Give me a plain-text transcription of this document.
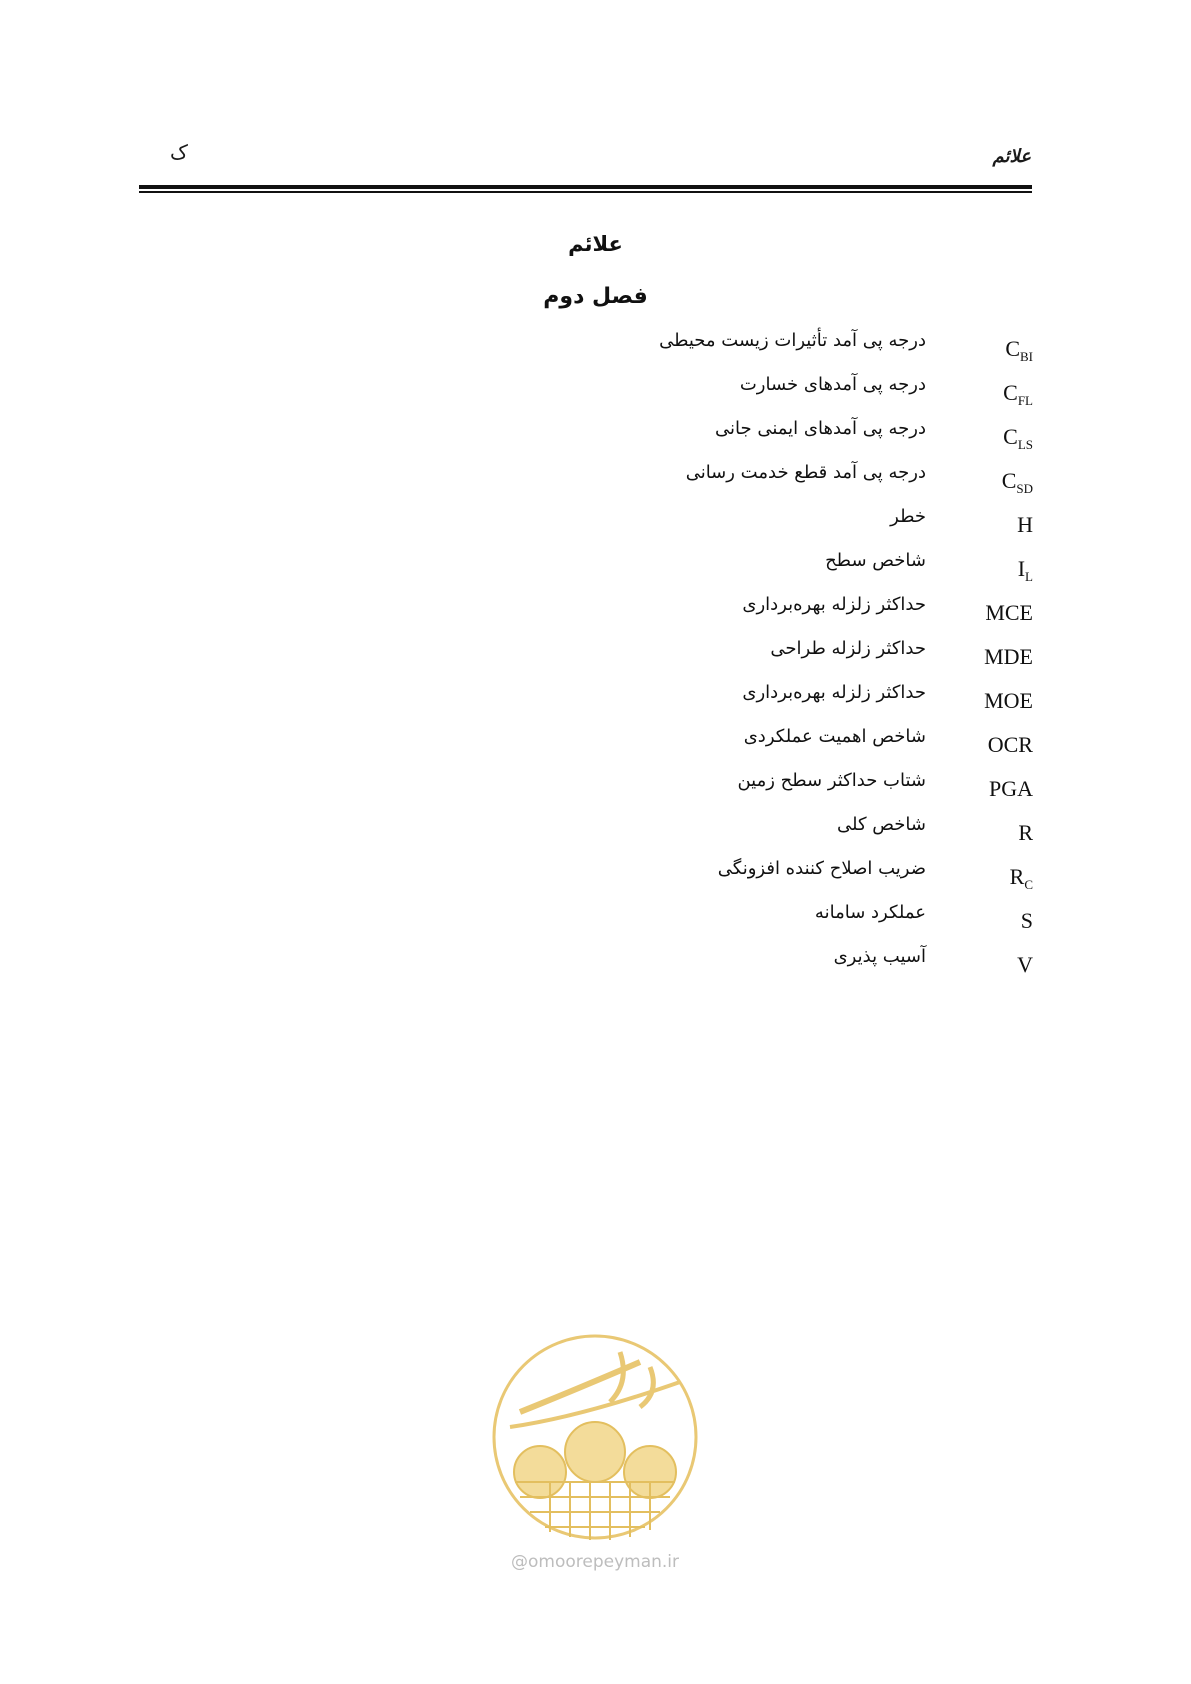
علائم
ک
علائم
فصل دوم
$C_{BI}$
درجه پی آمد تأثیرات زیست محیطی
$C_{FL}$
درجه پی آمدهای خسارت
$C_{LS}$
درجه پی آمدهای ایمنی جانی
$C_{SD}$
درجه پی آمد قطع خدمت رسانی
H
خطر
$I_L$
شاخص سطح
MCE
حداکثر زلزله بهره‌برداری
MDE
حداکثر زلزله طراحی
MOE
حداکثر زلزله بهره‌برداری
OCR
شاخص اهمیت عملکردی
PGA
شتاب حداکثر سطح زمین
R
شاخص کلی
$R_C$
ضریب اصلاح کننده افزونگی
S
عملکرد سامانه
V
آسیب پذیری
@omoorepeyman.ir
